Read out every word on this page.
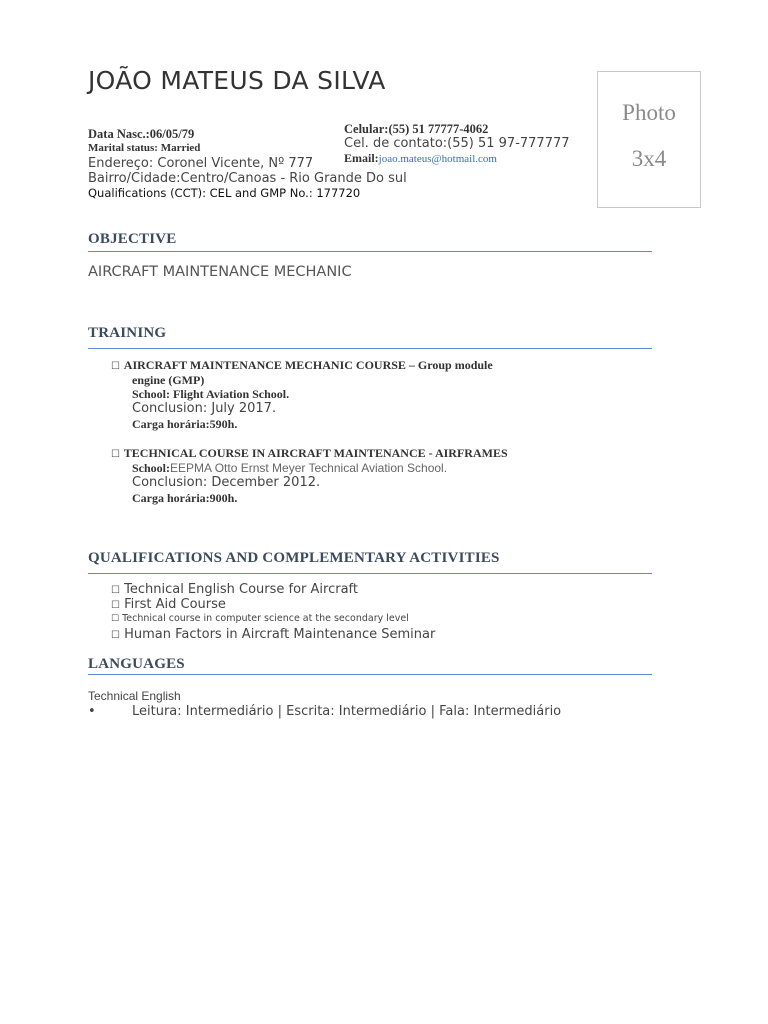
JOÃO MATEUS DA SILVA
Data Nasc.:06/05/79
Marital status: Married
Endereço: Coronel Vicente, Nº 777
Bairro/Cidade:Centro/Canoas - Rio Grande Do sul
Qualifications (CCT): CEL and GMP No.: 177720
Celular:(55) 51 77777-4062
Cel. de contato:(55) 51 97-777777
Email:joao.mateus@hotmail.com
Photo
3x4
OBJECTIVE
AIRCRAFT MAINTENANCE MECHANIC
TRAINING
☐ AIRCRAFT MAINTENANCE MECHANIC COURSE – Group module
engine (GMP)
School: Flight Aviation School.
Conclusion: July 2017.
Carga horária:590h.
☐ TECHNICAL COURSE IN AIRCRAFT MAINTENANCE - AIRFRAMES
School:EEPMA Otto Ernst Meyer Technical Aviation School.
Conclusion: December 2012.
Carga horária:900h.
QUALIFICATIONS AND COMPLEMENTARY ACTIVITIES
☐ Technical English Course for Aircraft
☐ First Aid Course
☐ Technical course in computer science at the secondary level
☐ Human Factors in Aircraft Maintenance Seminar
LANGUAGES
Technical English
•	Leitura: Intermediário | Escrita: Intermediário | Fala: Intermediário
